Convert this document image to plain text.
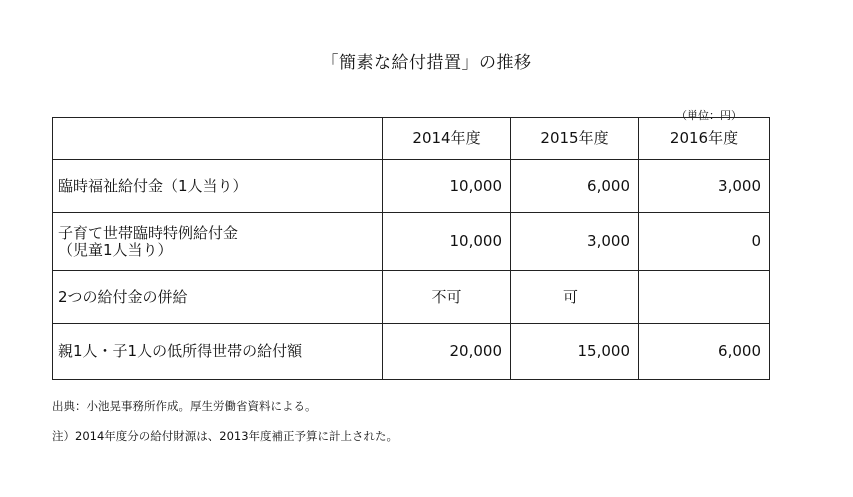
「簡素な給付措置」の推移
（単位：円）
	2014年度	2015年度	2016年度
臨時福祉給付金（1人当り）	10,000	6,000	3,000

子育て世帯臨時特例給付金
（児童1人当り）	10,000	3,000	0
2つの給付金の併給	不可	可	
親1人・子1人の低所得世帯の給付額	20,000	15,000	6,000
出典：小池晃事務所作成。厚生労働省資料による。
注）2014年度分の給付財源は、2013年度補正予算に計上された。
